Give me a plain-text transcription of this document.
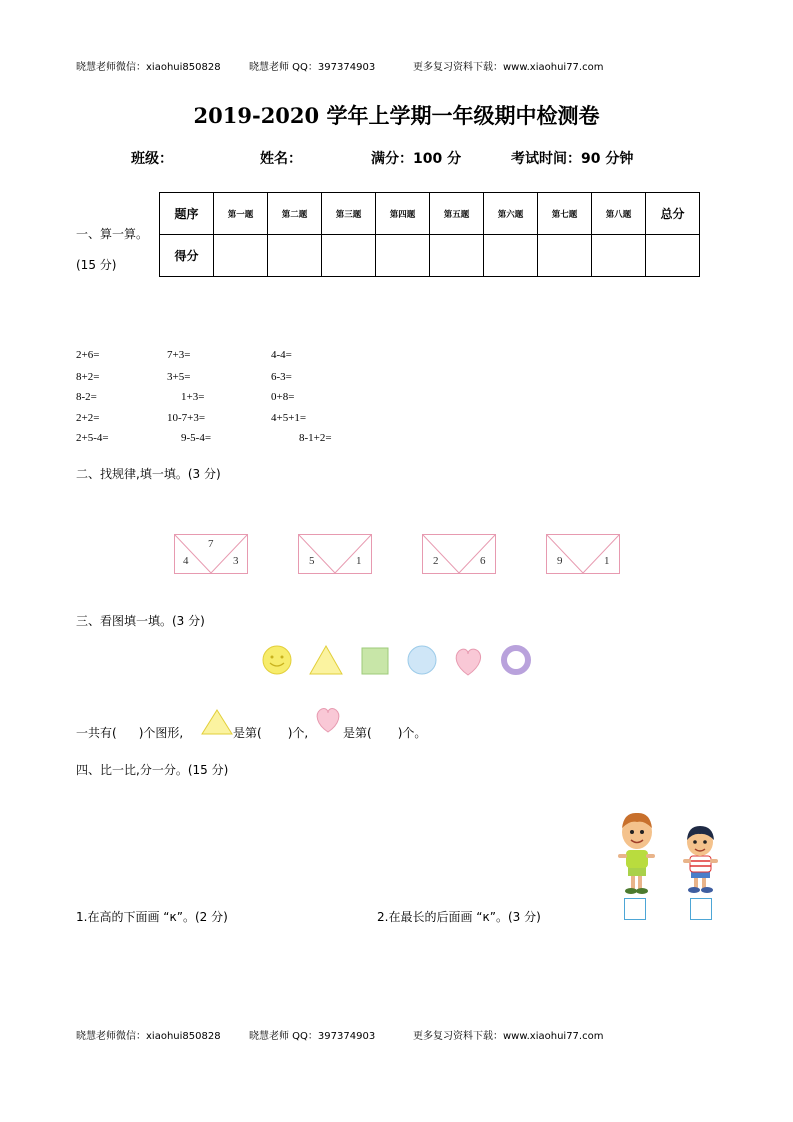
晓慧老师微信：xiaohui850828	晓慧老师 QQ：397374903	更多复习资料下载：www.xiaohui77.com
2019-2020 学年上学期一年级期中检测卷
班级：	姓名：	满分：100 分	考试时间：90 分钟
一、算一算。
(15 分)
题序	第一题	第二题	第三题	第四题	第五题	第六题	第七题	第八题	总分
得分									
2+6=	7+3=	4-4=
8+2=	3+5=	6-3=
8-2=	1+3=	0+8=
2+2=	10-7+3=	4+5+1=
2+5-4=	9-5-4=	8-1+2=
二、找规律,填一填。(3 分)
7
4	3	5	1	2	6	9	1
三、看图填一填。(3 分)
一共有( )个图形,	是第( )个,	是第( )个。
四、比一比,分一分。(15 分)
1.在高的下面画 “к”。(2 分)	2.在最长的后面画 “к”。(3 分)
晓慧老师微信：xiaohui850828	晓慧老师 QQ：397374903	更多复习资料下载：www.xiaohui77.com
